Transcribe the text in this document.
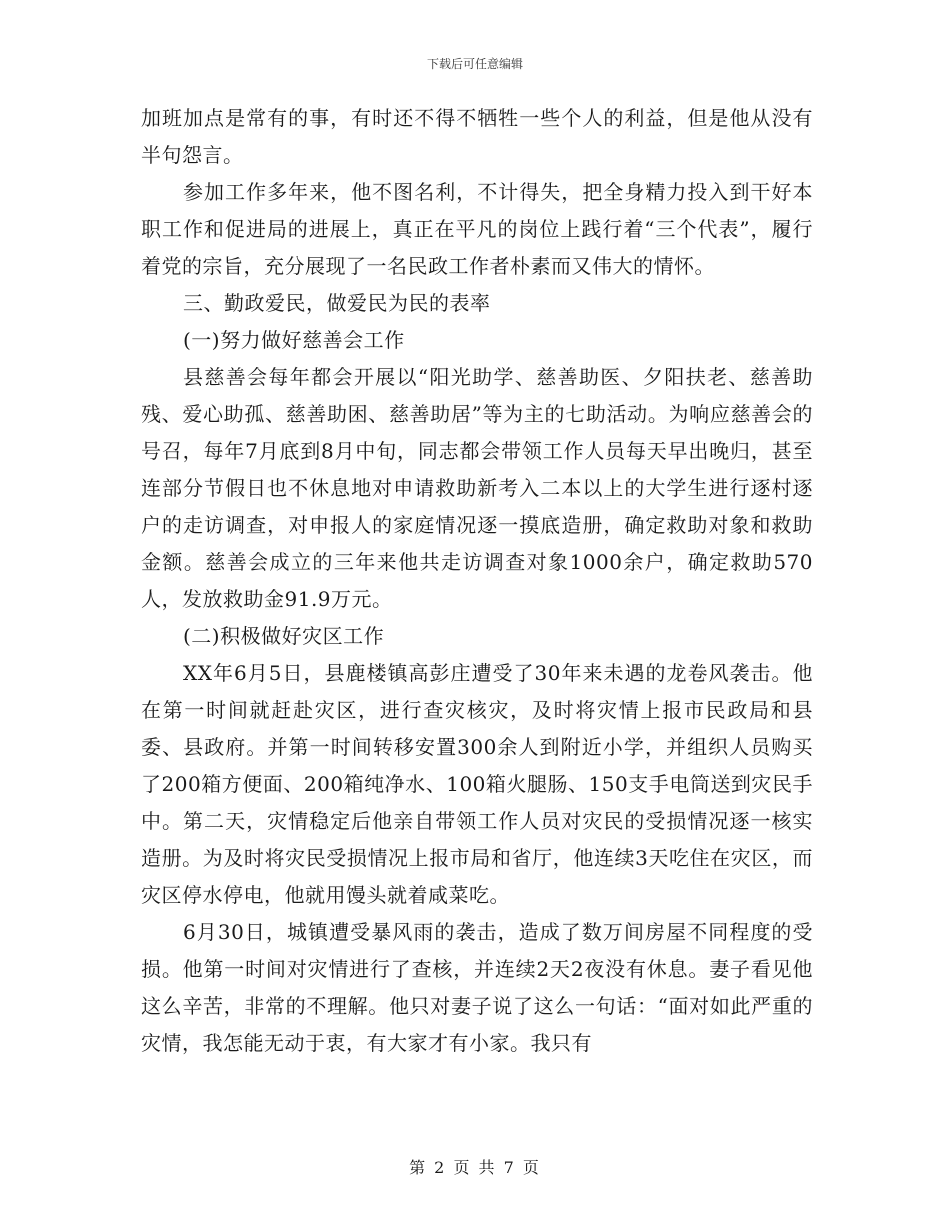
下载后可任意编辑

加班加点是常有的事，有时还不得不牺牲一些个人的利益，但是他从没有半句怨言。

参加工作多年来，他不图名利，不计得失，把全身精力投入到干好本职工作和促进局的进展上，真正在平凡的岗位上践行着“三个代表”，履行着党的宗旨，充分展现了一名民政工作者朴素而又伟大的情怀。

三、勤政爱民，做爱民为民的表率

(一)努力做好慈善会工作

县慈善会每年都会开展以“阳光助学、慈善助医、夕阳扶老、慈善助残、爱心助孤、慈善助困、慈善助居”等为主的七助活动。为响应慈善会的号召，每年7月底到8月中旬，同志都会带领工作人员每天早出晚归，甚至连部分节假日也不休息地对申请救助新考入二本以上的大学生进行逐村逐户的走访调查，对申报人的家庭情况逐一摸底造册，确定救助对象和救助金额。慈善会成立的三年来他共走访调查对象1000余户，确定救助570人，发放救助金91.9万元。

(二)积极做好灾区工作

XX年6月5日，县鹿楼镇高彭庄遭受了30年来未遇的龙卷风袭击。他在第一时间就赶赴灾区，进行查灾核灾，及时将灾情上报市民政局和县委、县政府。并第一时间转移安置300余人到附近小学，并组织人员购买了200箱方便面、200箱纯净水、100箱火腿肠、150支手电筒送到灾民手中。第二天，灾情稳定后他亲自带领工作人员对灾民的受损情况逐一核实造册。为及时将灾民受损情况上报市局和省厅，他连续3天吃住在灾区，而灾区停水停电，他就用馒头就着咸菜吃。

6月30日，城镇遭受暴风雨的袭击，造成了数万间房屋不同程度的受损。他第一时间对灾情进行了查核，并连续2天2夜没有休息。妻子看见他这么辛苦，非常的不理解。他只对妻子说了这么一句话：“面对如此严重的灾情，我怎能无动于衷，有大家才有小家。我只有

第 2 页 共 7 页
